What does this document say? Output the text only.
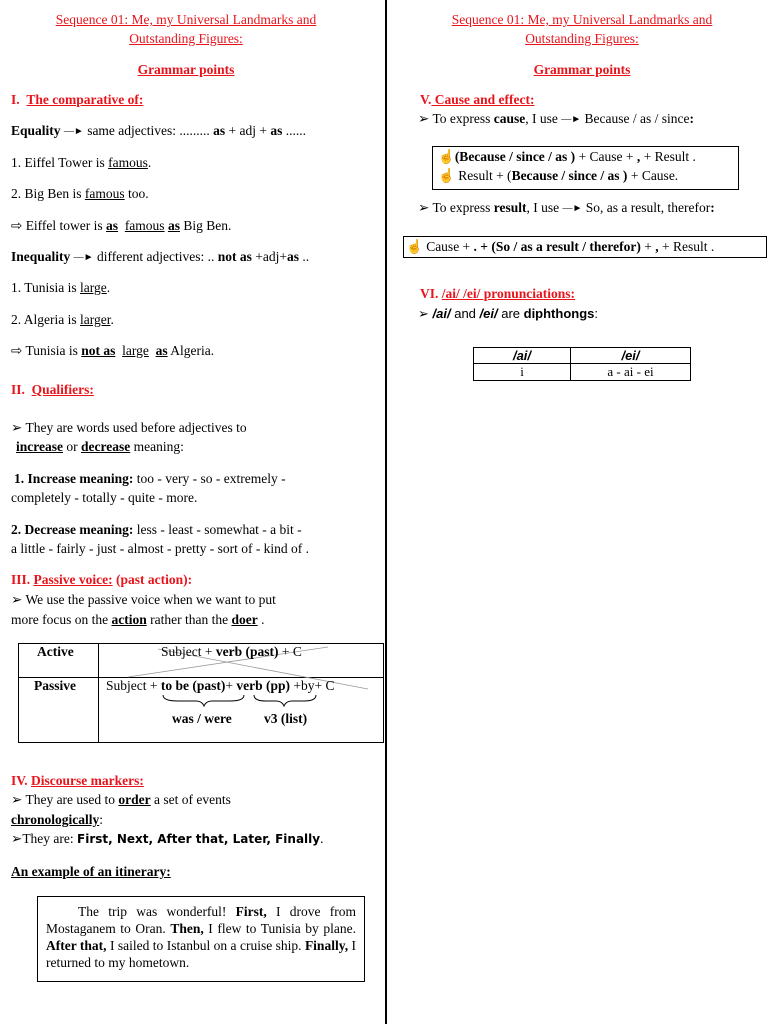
Sequence 01: Me, my Universal Landmarks and
Outstanding Figures:
Grammar points
I. The comparative of:
Equality —► same adjectives: ......... as + adj + as ......
1. Eiffel Tower is famous.
2. Big Ben is famous too.
⇨ Eiffel tower is as famous as Big Ben.
Inequality —► different adjectives: .. not as +adj+as ..
1. Tunisia is large.
2. Algeria is larger.
⇨ Tunisia is not as large as Algeria.
II. Qualifiers:
➢ They are words used before adjectives to
increase or decrease meaning:
1. Increase meaning: too - very - so - extremely -
completely - totally - quite - more.
2. Decrease meaning: less - least - somewhat - a bit -
a little - fairly - just - almost - pretty - sort of - kind of .
III. Passive voice: (past action):
➢ We use the passive voice when we want to put
more focus on the action rather than the doer .
Active	Subject + verb (past) + C
Passive Subject + to be (past)+ verb (pp) +by+ C
was / were v3 (list)
IV. Discourse markers:
➢ They are used to order a set of events
chronologically:
➢They are: First, Next, After that, Later, Finally.
An example of an itinerary:
The trip was wonderful! First, I drove from Mostaganem to Oran. Then, I flew to Tunisia by plane. After that, I sailed to Istanbul on a cruise ship. Finally, I returned to my hometown.
Sequence 01: Me, my Universal Landmarks and
Outstanding Figures:
Grammar points
V. Cause and effect:
➢ To express cause, I use —► Because / as / since:
☝(Because / since / as ) + Cause + , + Result .
☝ Result + (Because / since / as ) + Cause.
➢ To express result, I use —► So, as a result, therefor:
☝ Cause + . + (So / as a result / therefor) + , + Result .
VI. /ai/ /ei/ pronunciations:
➢ /ai/ and /ei/ are diphthongs:
/ai/	/ei/
i	a - ai - ei
